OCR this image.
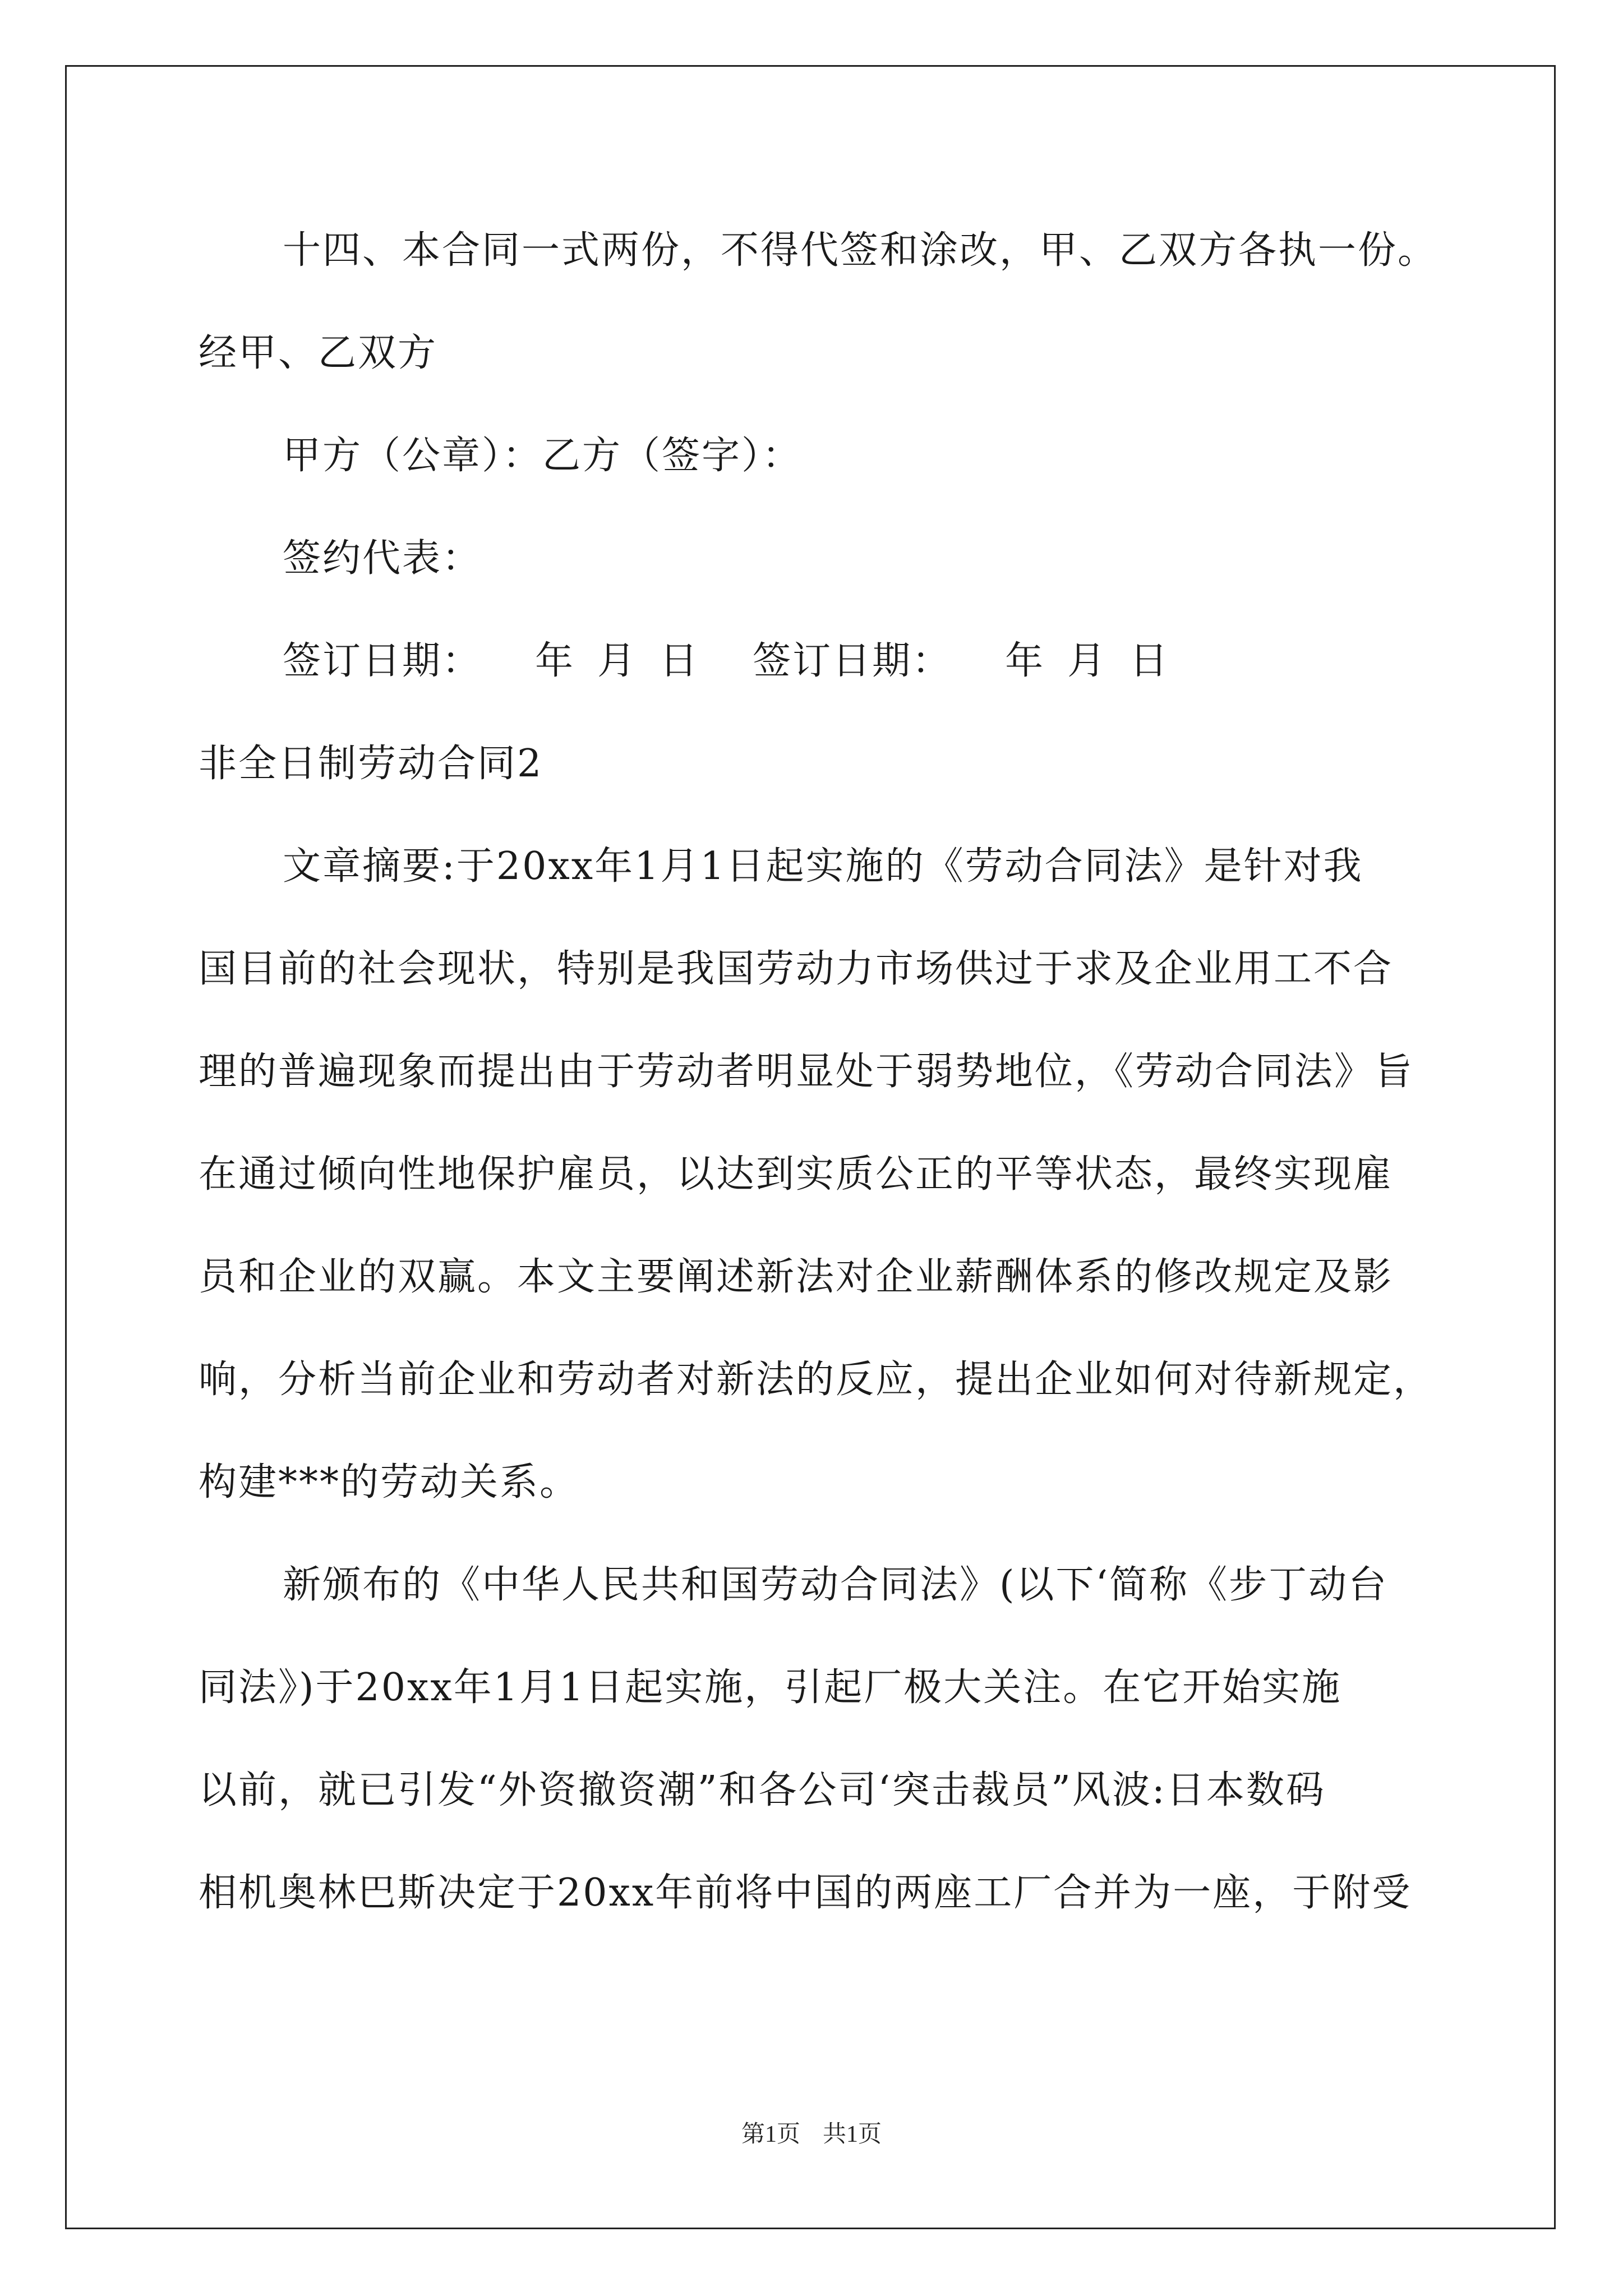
十四、本合同一式两份，不得代签和涂改，甲、乙双方各执一份。
经甲、乙双方
甲方（公章）：乙方（签字）：
签约代表：
签订日期： 年 月 日 签订日期： 年 月 日
非全日制劳动合同2
文章摘要:于20xx年1月1日起实施的《劳动合同法》是针对我
国目前的社会现状，特别是我国劳动力市场供过于求及企业用工不合
理的普遍现象而提出由于劳动者明显处于弱势地位，《劳动合同法》旨
在通过倾向性地保护雇员，以达到实质公正的平等状态，最终实现雇
员和企业的双赢。本文主要阐述新法对企业薪酬体系的修改规定及影
响，分析当前企业和劳动者对新法的反应，提出企业如何对待新规定，
构建***的劳动关系。
新颁布的《中华人民共和国劳动合同法》(以下‘简称《步丁动台
同法》)于20xx年1月1日起实施，引起厂极大关注。在它开始实施
以前，就已引发“外资撤资潮”和各公司‘突击裁员”风波:日本数码
相机奥林巴斯决定于20xx年前将中国的两座工厂合并为一座，于附受
第1页 共1页
